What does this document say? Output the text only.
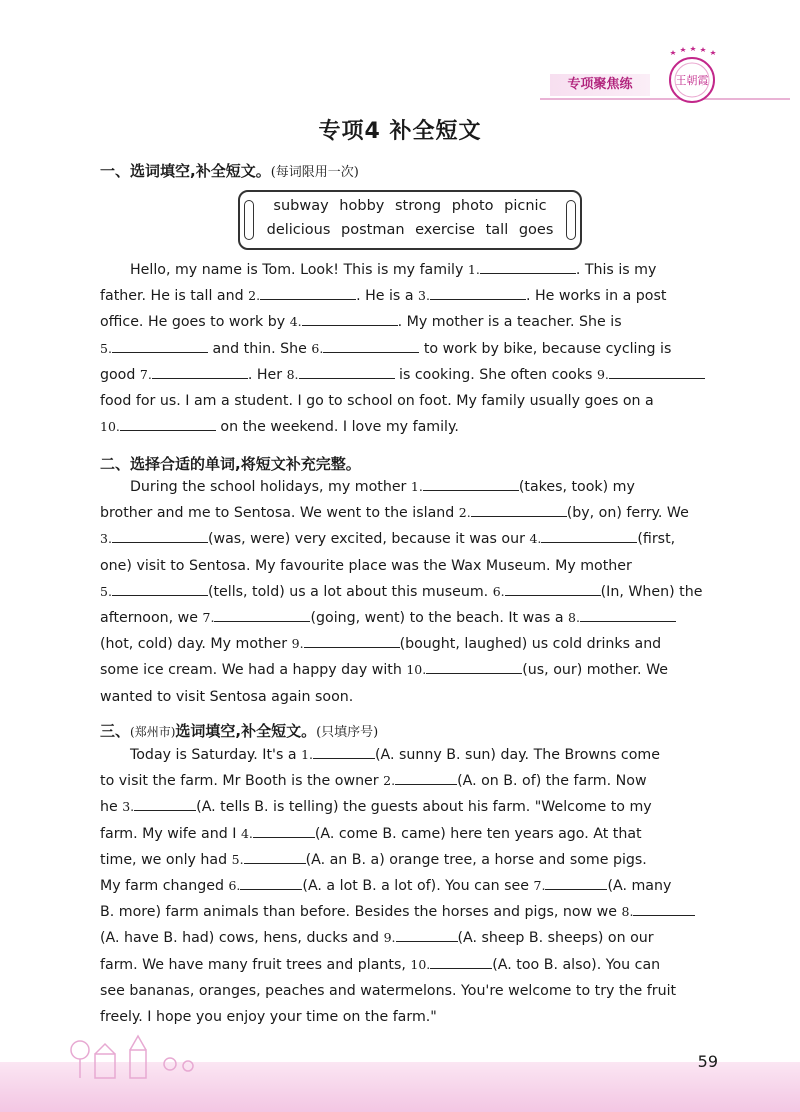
专项聚焦练	王朝霞
专项4 补全短文
一、选词填空,补全短文。(每词限用一次)
subway hobby strong photo picnic
delicious postman exercise tall goes
Hello, my name is Tom. Look! This is my family 1.	. This is my
father. He is tall and 2.	. He is a 3.	. He works in a post
office. He goes to work by 4.	. My mother is a teacher. She is
5.	and thin. She 6.	to work by bike, because cycling is
good 7.	. Her 8.	is cooking. She often cooks 9.
food for us. I am a student. I go to school on foot. My family usually goes on a
10.	on the weekend. I love my family.
二、选择合适的单词,将短文补充完整。
During the school holidays, my mother 1.	(takes, took) my
brother and me to Sentosa. We went to the island 2.	(by, on) ferry. We
3.	(was, were) very excited, because it was our 4.	(first,
one) visit to Sentosa. My favourite place was the Wax Museum. My mother
5.	(tells, told) us a lot about this museum. 6.	(In, When) the
afternoon, we 7.	(going, went) to the beach. It was a 8.
(hot, cold) day. My mother 9.	(bought, laughed) us cold drinks and
some ice cream. We had a happy day with 10.	(us, our) mother. We
wanted to visit Sentosa again soon.
三、(郑州市)选词填空,补全短文。(只填序号)
Today is Saturday. It's a 1.	(A. sunny B. sun) day. The Browns come
to visit the farm. Mr Booth is the owner 2.	(A. on B. of) the farm. Now
he 3.	(A. tells B. is telling) the guests about his farm. "Welcome to my
farm. My wife and I 4.	(A. come B. came) here ten years ago. At that
time, we only had 5.	(A. an B. a) orange tree, a horse and some pigs.
My farm changed 6.	(A. a lot B. a lot of). You can see 7.	(A. many
B. more) farm animals than before. Besides the horses and pigs, now we 8.
(A. have B. had) cows, hens, ducks and 9.	(A. sheep B. sheeps) on our
farm. We have many fruit trees and plants, 10.	(A. too B. also). You can
see bananas, oranges, peaches and watermelons. You're welcome to try the fruit
freely. I hope you enjoy your time on the farm."
59
